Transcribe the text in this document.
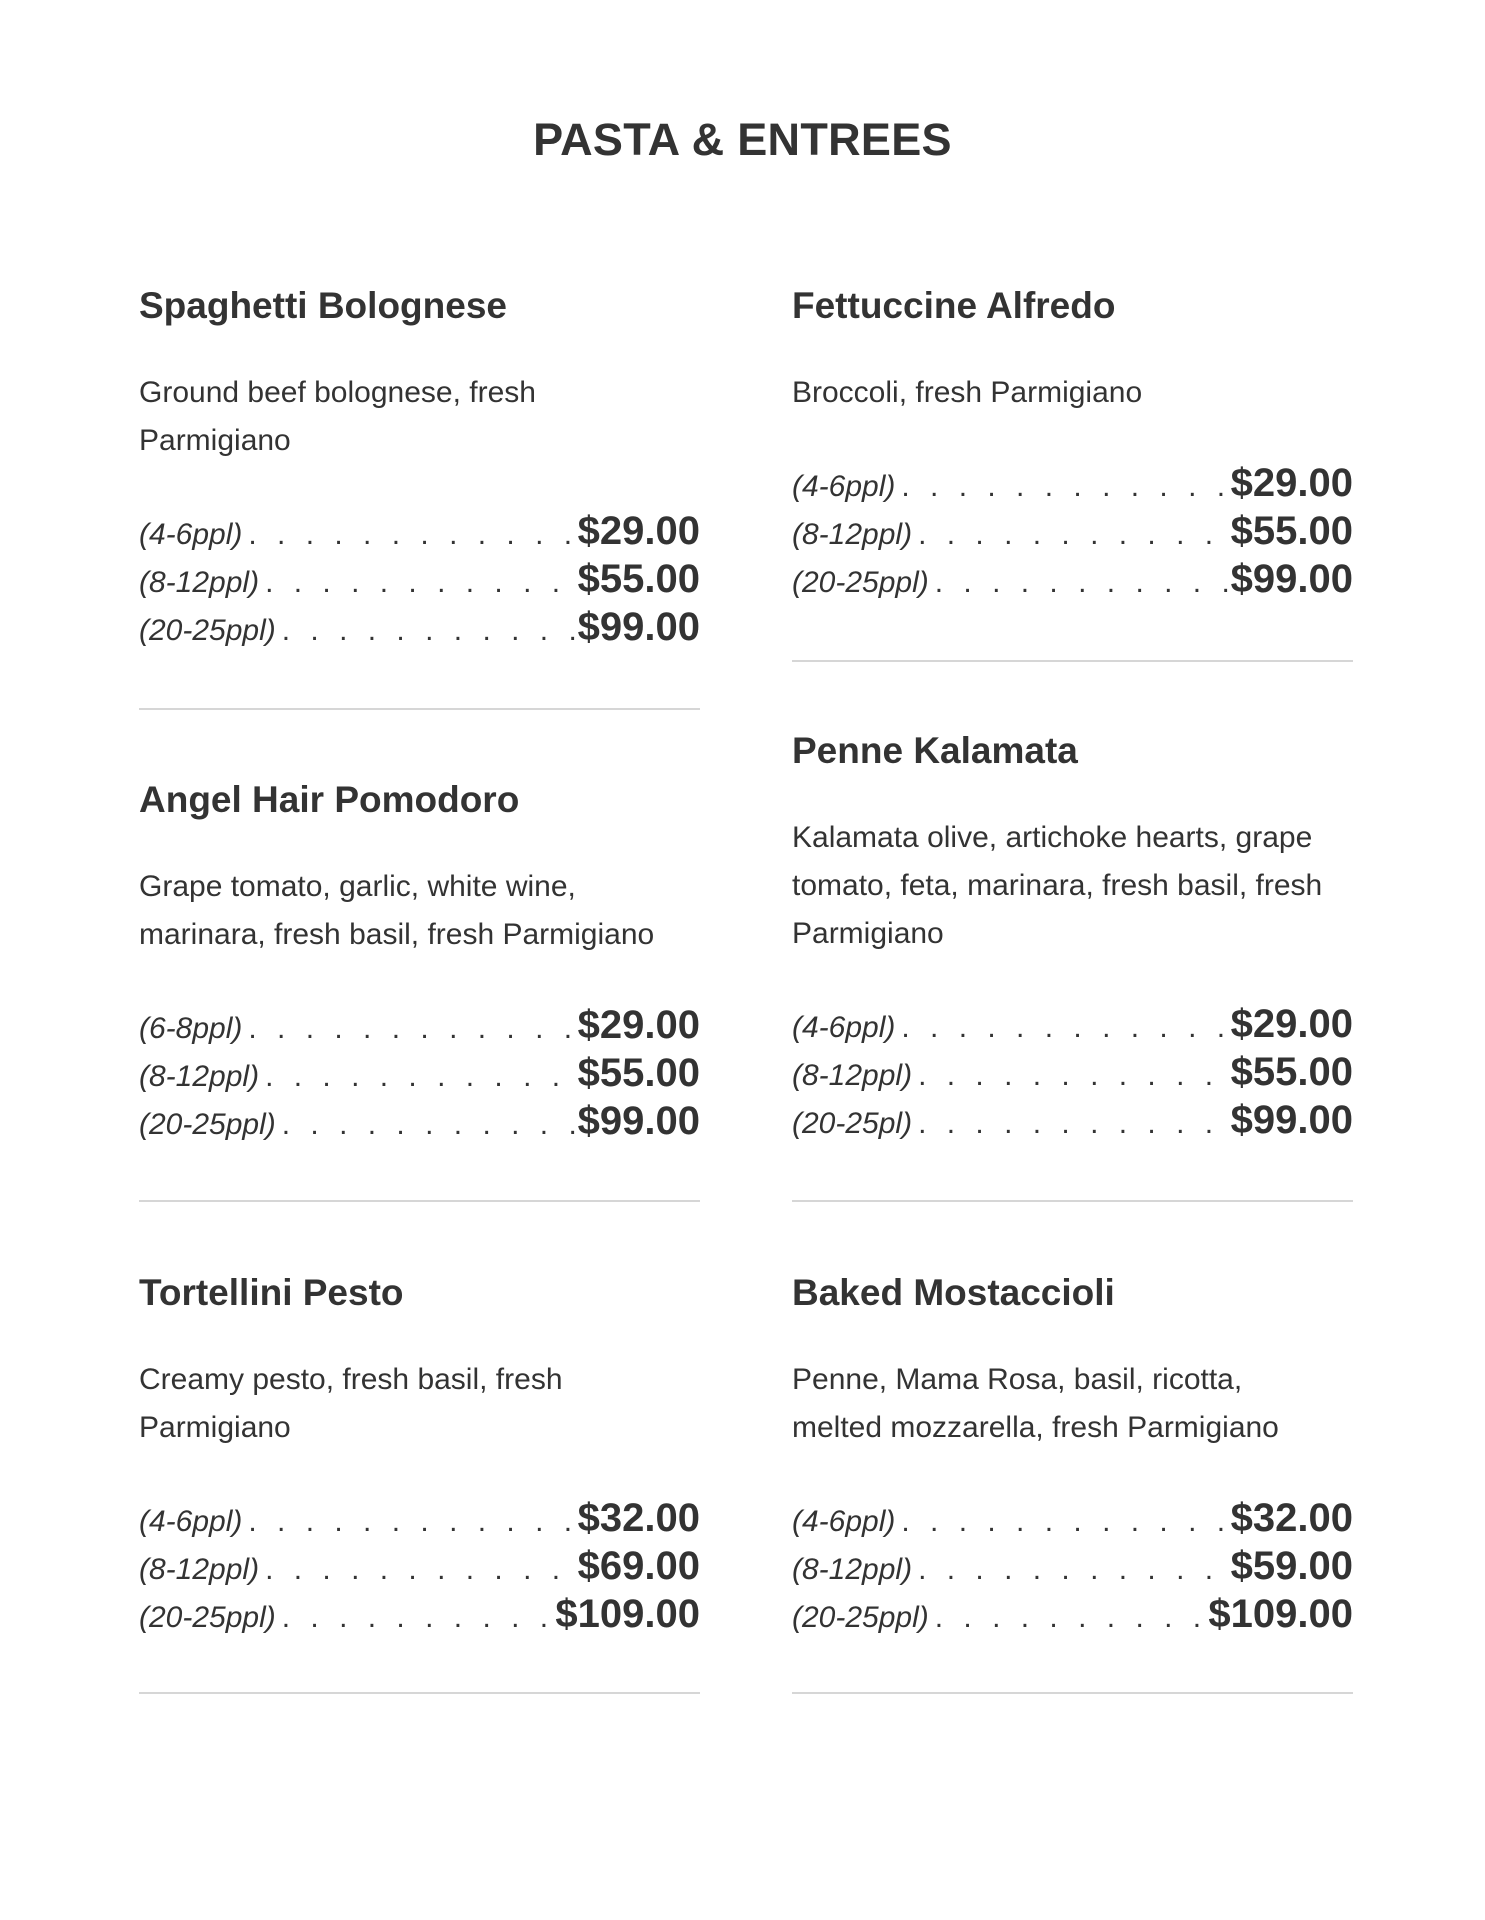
PASTA & ENTREES
Spaghetti Bolognese

Ground beef bolognese, fresh Parmigiano

(4-6ppl) . . .	$29.00
(8-12ppl) . . .	$55.00
(20-25ppl) . . .	$99.00
Fettuccine Alfredo

Broccoli, fresh Parmigiano

(4-6ppl) . . .	$29.00
(8-12ppl) . . .	$55.00
(20-25ppl) . . .	$99.00
Angel Hair Pomodoro

Grape tomato, garlic, white wine, marinara, fresh basil, fresh Parmigiano

(6-8ppl) . . .	$29.00
(8-12ppl) . . .	$55.00
(20-25ppl) . . .	$99.00
Penne Kalamata

Kalamata olive, artichoke hearts, grape tomato, feta, marinara, fresh basil, fresh Parmigiano

(4-6ppl) . . .	$29.00
(8-12ppl) . . .	$55.00
(20-25pl) . . .	$99.00
Tortellini Pesto

Creamy pesto, fresh basil, fresh Parmigiano

(4-6ppl) . . .	$32.00
(8-12ppl) . . .	$69.00
(20-25ppl) . . .	$109.00
Baked Mostaccioli

Penne, Mama Rosa, basil, ricotta, melted mozzarella, fresh Parmigiano

(4-6ppl) . . .	$32.00
(8-12ppl) . . .	$59.00
(20-25ppl) . . .	$109.00
